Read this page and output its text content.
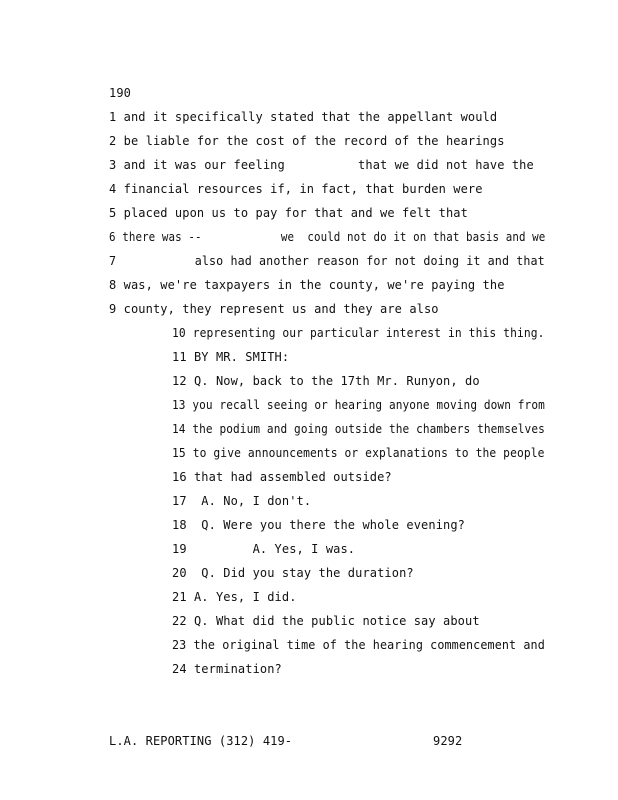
190
1 and it specifically stated that the appellant would
2 be liable for the cost of the record of the hearings
3 and it was our feeling          that we did not have the
4 financial resources if, in fact, that burden were
5 placed upon us to pay for that and we felt that
6 there was --            we  could not do it on that basis and we
7           also had another reason for not doing it and that
8 was, we're taxpayers in the county, we're paying the
9 county, they represent us and they are also
10 representing our particular interest in this thing.
11 BY MR. SMITH:
12 Q. Now, back to the 17th Mr. Runyon, do
13 you recall seeing or hearing anyone moving down from
14 the podium and going outside the chambers themselves
15 to give announcements or explanations to the people
16 that had assembled outside?
17  A. No, I don't.
18  Q. Were you there the whole evening?
19         A. Yes, I was.
20  Q. Did you stay the duration?
21 A. Yes, I did.
22 Q. What did the public notice say about
23 the original time of the hearing commencement and
24 termination?
L.A. REPORTING (312) 419-	9292
